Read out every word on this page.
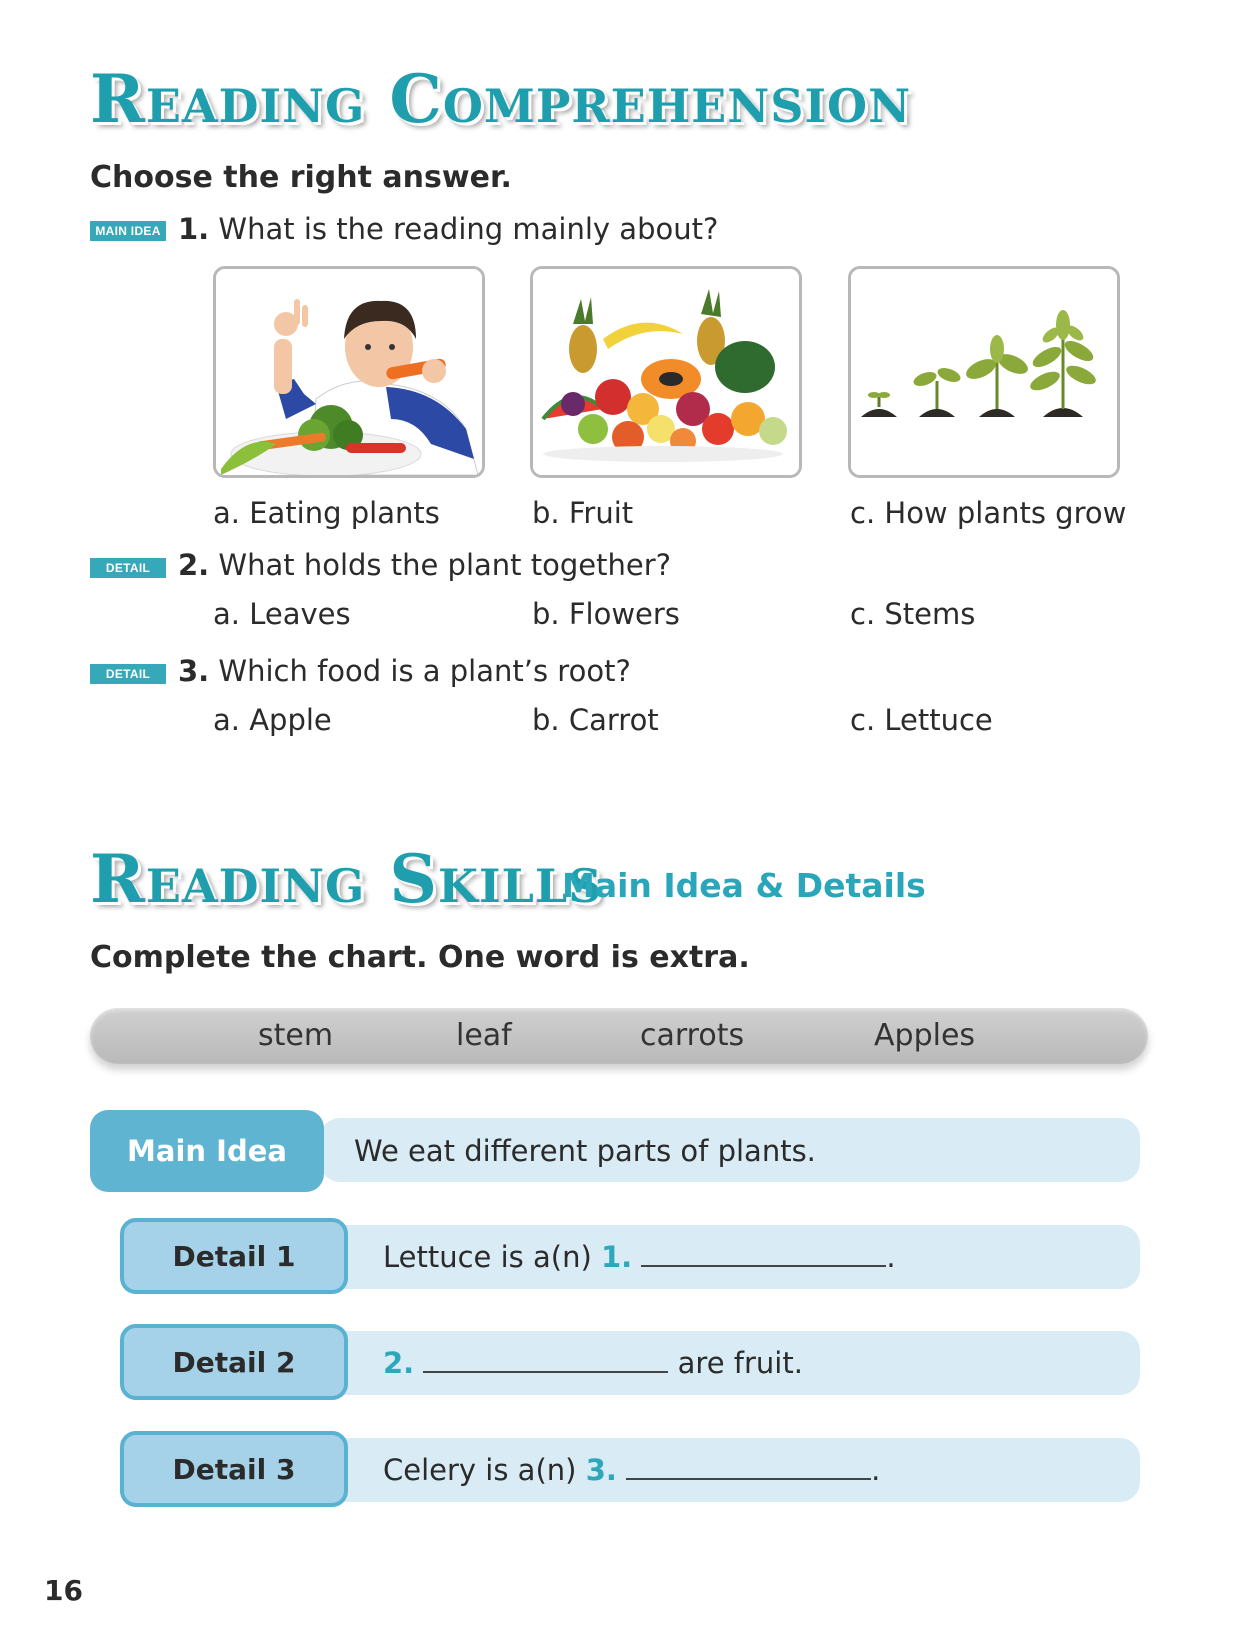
Reading Comprehension
Choose the right answer.
MAIN IDEA 1. What is the reading mainly about?
a. Eating plants	b. Fruit	c. How plants grow
DETAIL 2. What holds the plant together?
a. Leaves	b. Flowers	c. Stems
DETAIL 3. Which food is a plant’s root?
a. Apple	b. Carrot	c. Lettuce
Reading Skills
Main Idea & Details
Complete the chart. One word is extra.
stem	leaf	carrots	Apples
Main Idea	We eat different parts of plants.
Detail 1	Lettuce is a(n) 1.	.
Detail 2	2.	are fruit.
Detail 3	Celery is a(n) 3.	.
16
